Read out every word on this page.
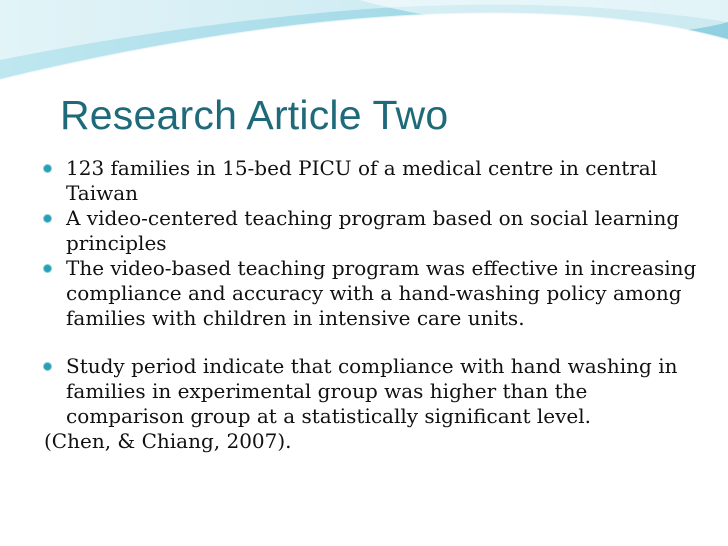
Research Article Two
123 families in 15-bed PICU of a medical centre in central Taiwan
A video-centered teaching program based on social learning principles
The video-based teaching program was effective in increasing compliance and accuracy with a hand-washing policy among families with children in intensive care units.
Study period indicate that compliance with hand washing in families in experimental group was higher than the comparison group at a statistically significant level.
(Chen, & Chiang, 2007).
